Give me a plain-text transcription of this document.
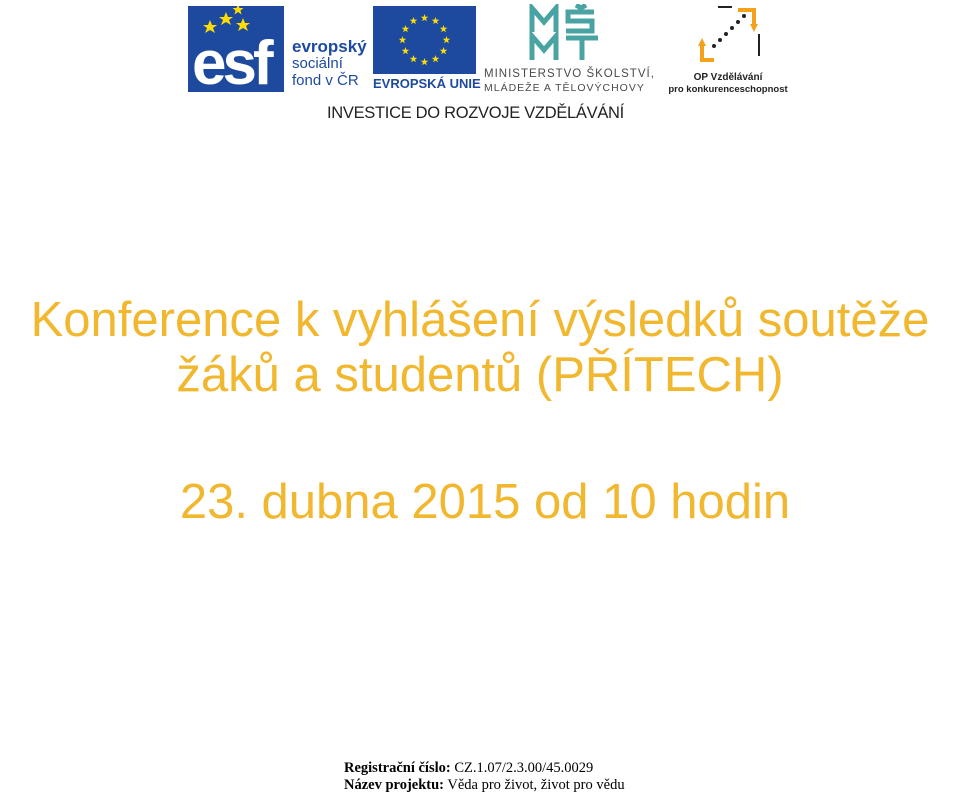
esf evropský
sociální
fond v ČR	EVROPSKÁ UNIE
MINISTERSTVO ŠKOLSTVÍ,
MLÁDEŽE A TĚLOVÝCHOVY
OP Vzdělávání
pro konkurenceschopnost
INVESTICE DO ROZVOJE VZDĚLÁVÁNÍ
Konference k vyhlášení výsledků soutěže
žáků a studentů (PŘÍTECH)
23. dubna 2015 od 10 hodin
Registrační číslo: CZ.1.07/2.3.00/45.0029
Název projektu: Věda pro život, život pro vědu
